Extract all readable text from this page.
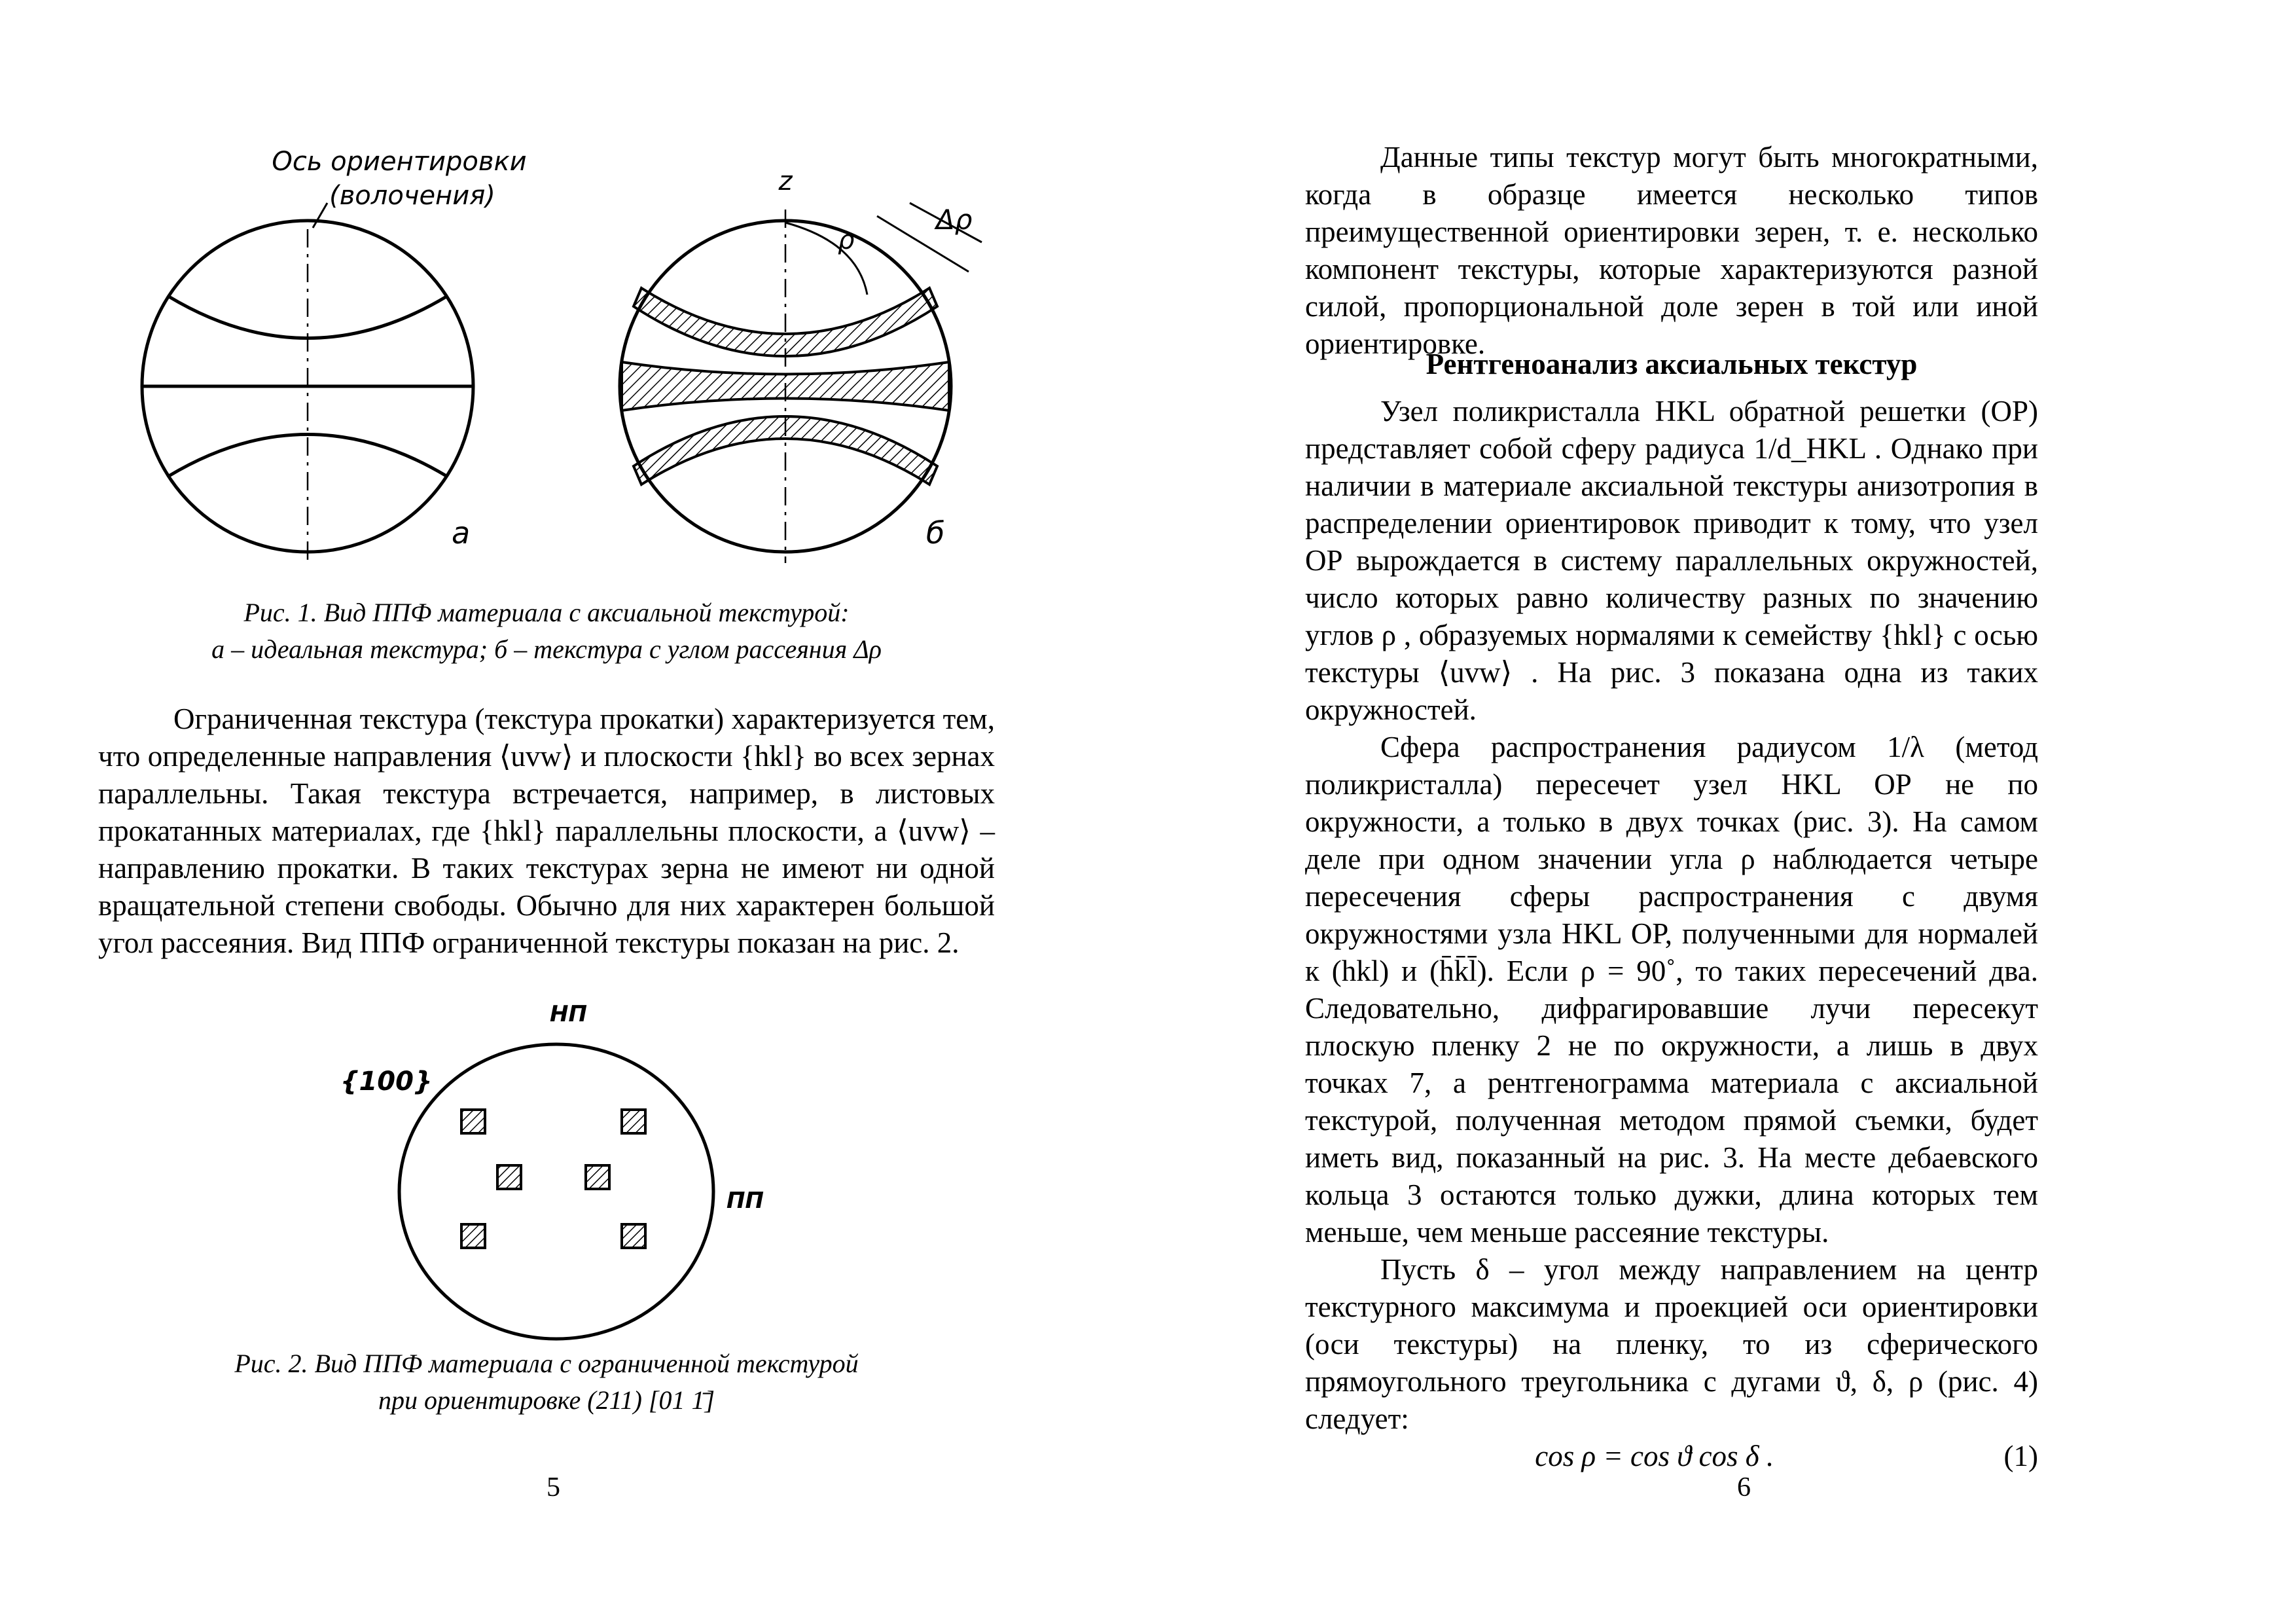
Ось ориентировки
(волочения)
a
z
ρ
Δρ
б
Рис. 1. Вид ППФ материала с аксиальной текстурой:
а – идеальная текстура; б – текстура с углом рассеяния Δρ

Ограниченная текстура (текстура прокатки) характеризуется тем, что определенные направления ⟨uvw⟩ и плоскости {hkl} во всех зернах параллельны. Такая текстура встречается, например, в листовых прокатанных материалах, где {hkl} параллельны плоскости, а ⟨uvw⟩ – направлению прокатки. В таких текстурах зерна не имеют ни одной вращательной степени свободы. Обычно для них характерен большой угол рассеяния. Вид ППФ ограниченной текстуры показан на рис. 2.

НП
{100}
ПП
Рис. 2. Вид ППФ материала с ограниченной текстурой
при ориентировке (211) [01 1̄]
5

Данные типы текстур могут быть многократными, когда в образце имеется несколько типов преимущественной ориентировки зерен, т. е. несколько компонент текстуры, которые характеризуются разной силой, пропорциональной доле зерен в той или иной ориентировке.

Рентгеноанализ аксиальных текстур

Узел поликристалла HKL обратной решетки (ОР) представляет собой сферу радиуса 1/d_HKL . Однако при наличии в материале аксиальной текстуры анизотропия в распределении ориентировок приводит к тому, что узел ОР вырождается в систему параллельных окружностей, число которых равно количеству разных по значению углов ρ , образуемых нормалями к семейству {hkl} с осью текстуры ⟨uvw⟩ . На рис. 3 показана одна из таких окружностей.

Сфера распространения радиусом 1/λ (метод поликристалла) пересечет узел HKL ОР не по окружности, а только в двух точках (рис. 3). На самом деле при одном значении угла ρ наблюдается четыре пересечения сферы распространения с двумя окружностями узла HKL ОР, полученными для нормалей к (hkl) и (h̄k̄l̄). Если ρ = 90˚, то таких пересечений два. Следовательно, дифрагировавшие лучи пересекут плоскую пленку 2 не по окружности, а лишь в двух точках 7, а рентгенограмма материала с аксиальной текстурой, полученная методом прямой съемки, будет иметь вид, показанный на рис. 3. На месте дебаевского кольца 3 остаются только дужки, длина которых тем меньше, чем меньше рассеяние текстуры.

Пусть δ – угол между направлением на центр текстурного максимума и проекцией оси ориентировки (оси текстуры) на пленку, то из сферического прямоугольного треугольника с дугами ϑ, δ, ρ (рис. 4) следует:

cos ρ = cos ϑ cos δ .	(1)
6
